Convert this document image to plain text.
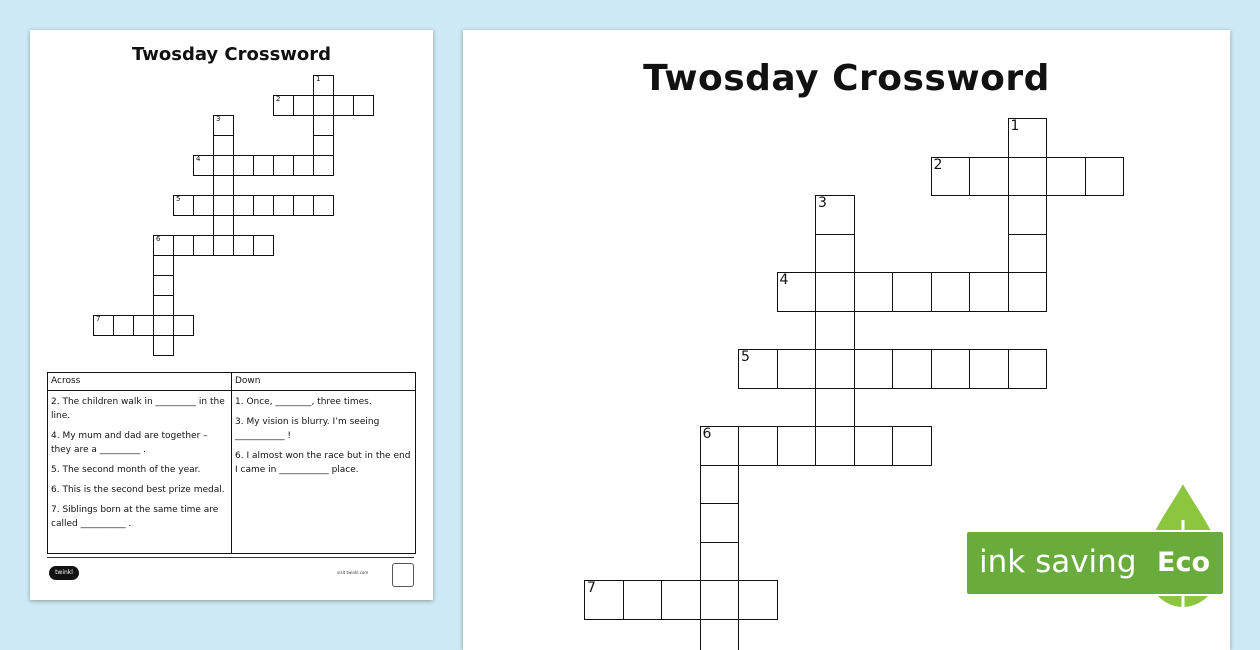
Twosday Crossword
1
2
3
4
5
6
7
Across
2. The children walk in _________ in the line.
4. My mum and dad are together – they are a _________ .
5. The second month of the year.
6. This is the second best prize medal.
7. Siblings born at the same time are called __________ .
Down
1. Once, ________, three times.
3. My vision is blurry. I’m seeing ___________ !
6. I almost won the race but in the end I came in ___________ place.
twinkl	visit twinkl.com
Twosday Crossword
1
2
3
4
5
6
7
ink saving Eco
